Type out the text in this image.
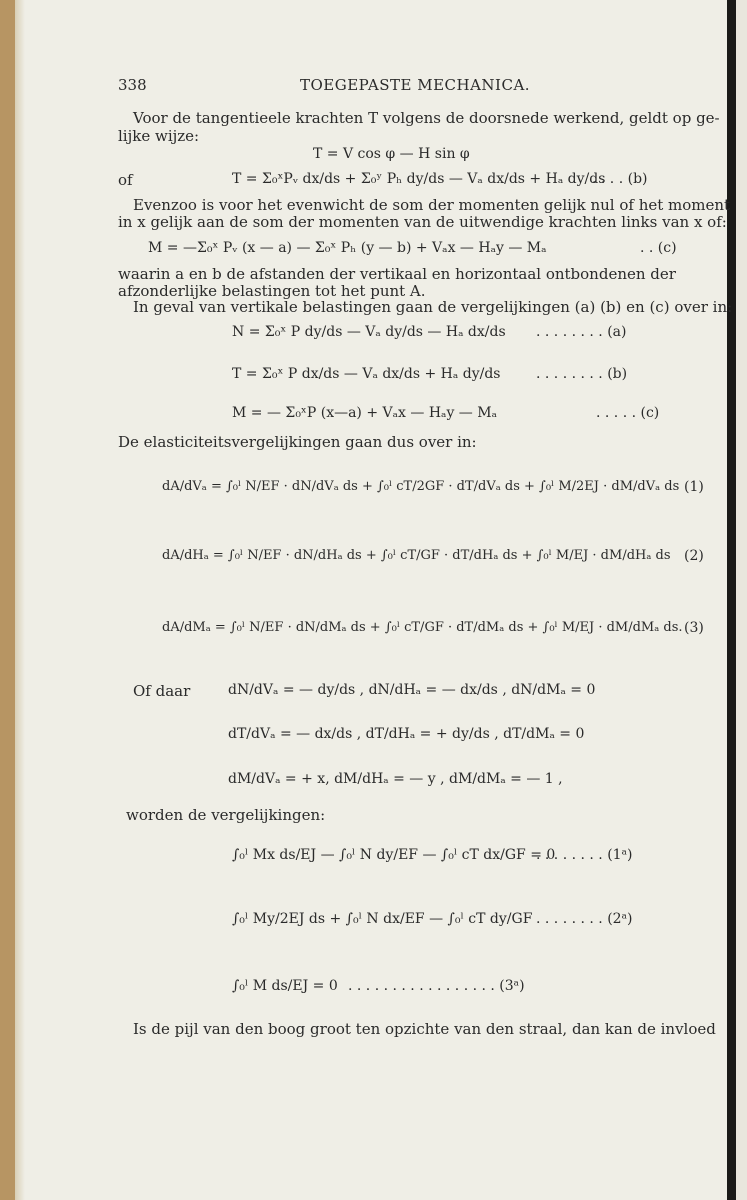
338	TOEGEPASTE MECHANICA.
Voor de tangentieele krachten T volgens de doorsnede werkend, geldt op ge-
lijke wijze:
T = V cos φ — H sin φ
of	T = Σ₀ˣPᵥ dx/ds + Σ₀ʸ Pₕ dy/ds — Vₐ dx/ds + Hₐ dy/ds
. . . . (b)
Evenzoo is voor het evenwicht de som der momenten gelijk nul of het moment
in x gelijk aan de som der momenten van de uitwendige krachten links van x of:
M = —Σ₀ˣ Pᵥ (x — a) — Σ₀ˣ Pₕ (y — b) + Vₐx — Hₐy — Mₐ	. . (c)
waarin a en b de afstanden der vertikaal en horizontaal ontbondenen der
afzonderlijke belastingen tot het punt A.
In geval van vertikale belastingen gaan de vergelijkingen (a) (b) en (c) over in:
N = Σ₀ˣ P dy/ds — Vₐ dy/ds — Hₐ dx/ds . . . . . . . . (a)
T = Σ₀ˣ P dx/ds — Vₐ dx/ds + Hₐ dy/ds	. . . . . . . . (b)
M = — Σ₀ˣP (x—a) + Vₐx — Hₐy — Mₐ	. . . . . (c)
De elasticiteitsvergelijkingen gaan dus over in:
dA/dVₐ = ∫₀ˡ N/EF · dN/dVₐ ds + ∫₀ˡ cT/2GF · dT/dVₐ ds + ∫₀ˡ M/2EJ · dM/dVₐ ds (1)
dA/dHₐ = ∫₀ˡ N/EF · dN/dHₐ ds + ∫₀ˡ cT/GF · dT/dHₐ ds + ∫₀ˡ M/EJ · dM/dHₐ ds (2)
dA/dMₐ = ∫₀ˡ N/EF · dN/dMₐ ds + ∫₀ˡ cT/GF · dT/dMₐ ds + ∫₀ˡ M/EJ · dM/dMₐ ds. (3)
Of daar	dN/dVₐ = — dy/ds , dN/dHₐ = — dx/ds , dN/dMₐ = 0
dT/dVₐ = — dx/ds , dT/dHₐ = + dy/ds , dT/dMₐ = 0
dM/dVₐ = + x, dM/dHₐ = — y , dM/dMₐ = — 1 ,
worden de vergelijkingen:
∫₀ˡ Mx ds/EJ — ∫₀ˡ N dy/EF — ∫₀ˡ cT dx/GF = 0
. . . . . . . . (1ᵃ)
∫₀ˡ My/2EJ ds + ∫₀ˡ N dx/EF — ∫₀ˡ cT dy/GF . . . . . . . . (2ᵃ)
∫₀ˡ M ds/EJ = 0 . . . . . . . . . . . . . . . . . (3ᵃ)
Is de pijl van den boog groot ten opzichte van den straal, dan kan de invloed
